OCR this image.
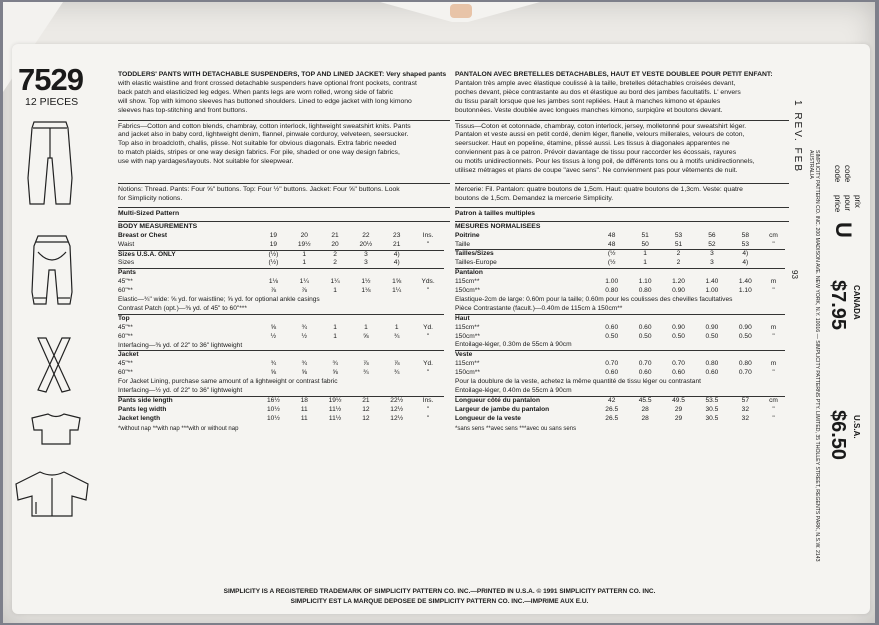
7529
12 PIECES
TODDLERS' PANTS WITH DETACHABLE SUSPENDERS, TOP AND LINED JACKET: Very shaped pants
with elastic waistline and front crossed detachable suspenders have optional front pockets, contrast
back patch and elasticized leg edges. When pants legs are worn rolled, wrong side of fabric
will show. Top with kimono sleeves has buttoned shoulders. Lined to edge jacket with long kimono
sleeves has top-stitching and front buttons.
Fabrics—Cotton and cotton blends, chambray, cotton interlock, lightweight sweatshirt knits. Pants
and jacket also in baby cord, lightweight denim, flannel, pinwale corduroy, velveteen, seersucker.
Top also in broadcloth, challis, plisse. Not suitable for obvious diagonals. Extra fabric needed
to match plaids, stripes or one way design fabrics. For pile, shaded or one way design fabrics,
use with nap yardages/layouts. Not suitable for sleepwear.
Notions: Thread. Pants: Four ⅝" buttons. Top: Four ½" buttons. Jacket: Four ⅝" buttons. Look
for Simplicity notions.
Multi-Sized Pattern
BODY MEASUREMENTS
Breast or Chest	19	20	21	22	23	Ins.
Waist	19	19½	20	20½	21	"
Sizes U.S.A. ONLY	(½)	1	2	3	4)	
Sizes	(½)	1	2	3	4)	
Pants						
45"**	1⅛	1¼	1¼	1½	1⅝	Yds.
60"**	⅞	⅞	1	1⅛	1¼	"
Elastic—¾" wide: ⅝ yd. for waistline; ⅝ yd. for optional ankle casings						
Contrast Patch (opt.)—⅜ yd. of 45" to 60"***						
Top						
45"**	⅝	¾	1	1	1	Yd.
60"**	½	½	1	⅝	¾	"
Interfacing—⅜ yd. of 22" to 36" lightweight						
Jacket						
45"**	¾	¾	¾	⅞	⅞	Yd.
60"**	⅝	⅝	⅝	¾	¾	"
For Jacket Lining, purchase same amount of a lightweight or contrast fabric						
Interfacing—½ yd. of 22" to 36" lightweight						
Pants side length	16½	18	19½	21	22½	Ins.
Pants leg width	10½	11	11½	12	12½	"
Jacket length	10½	11	11½	12	12½	"
*without nap **with nap ***with or without nap
PANTALON AVEC BRETELLES DETACHABLES, HAUT ET VESTE DOUBLEE POUR PETIT ENFANT:
Pantalon très ample avec élastique coulissé à la taille, bretelles détachables croisées devant,
poches devant, pièce contrastante au dos et élastique au bord des jambes facultatifs. L' envers
du tissu paraît lorsque que les jambes sont repliées. Haut à manches kimono et épaules
boutonnées. Veste doublée avec longues manches kimono, surpiqûre et boutons devant.
Tissus—Coton et cotonnade, chambray, coton interlock, jersey, molletonné pour sweatshirt léger.
Pantalon et veste aussi en petit cordé, denim léger, flanelle, velours millerales, velours de coton,
seersucker. Haut en popeline, étamine, plissé aussi. Les tissus à diagonales apparentes ne
conviennent pas à ce patron. Prévoir davantage de tissu pour raccorder les écossais, rayures
ou motifs unidirectionnels. Pour les tissus à long poil, de différents tons ou à motifs unidirectionnels,
utilisez métrages et plans de coupe "avec sens". Ne convienment pas pour vêtements de nuit.
Mercerie: Fil. Pantalon: quatre boutons de 1,5cm. Haut: quatre boutons de 1,3cm. Veste: quatre
boutons de 1,5cm. Demandez la mercerie Simplicity.
Patron à tailles multiples
MESURES NORMALISEES
Poitrine	48	51	53	56	58	cm
Taille	48	50	51	52	53	"
Tailles/Sizes	(½	1	2	3	4)	
Tailles-Europe	(½	1	2	3	4)	
Pantalon						
115cm**	1.00	1.10	1.20	1.40	1.40	m
150cm**	0.80	0.80	0.90	1.00	1.10	"
Elastique-2cm de large: 0.60m pour la taille; 0.60m pour les coulisses des chevilles facultatives						
Pièce Contrastante (facult.)—0.40m de 115cm à 150cm**						
Haut						
115cm**	0.60	0.60	0.90	0.90	0.90	m
150cm**	0.50	0.50	0.50	0.50	0.50	"
Entoilage-léger, 0.30m de 55cm à 90cm						
Veste						
115cm**	0.70	0.70	0.70	0.80	0.80	m
150cm**	0.60	0.60	0.60	0.60	0.70	"
Pour la doublure de la veste, achetez la même quantité de tissu léger ou contrastant						
Entoilage-léger, 0.40m de 55cm à 90cm						
Longueur côté du pantalon	42	45.5	49.5	53.5	57	cm
Largeur de jambe du pantalon	26.5	28	29	30.5	32	"
Longueur de la veste	26.5	28	29	30.5	32	"
*sans sens **avec sens ***avec ou sans sens
1 REV. FEB
93	SIMPLICITY PATTERN CO. INC. 200 MADISON AVE. NEW YORK, N.Y. 10016 — SIMPLICITY PATTERNS PTY. LIMITED, 35 THOLLEY STREET, REGENTS PARK, N.S.W. 2143 AUSTRALIA	code code
price pour prix
U
$7.95 CANADA
$6.50 U.S.A.
SIMPLICITY IS A REGISTERED TRADEMARK OF SIMPLICITY PATTERN CO. INC.—PRINTED IN U.S.A. © 1991 SIMPLICITY PATTERN CO. INC.
SIMPLICITY EST LA MARQUE DEPOSEE DE SIMPLICITY PATTERN CO. INC.—IMPRIME AUX E.U.
